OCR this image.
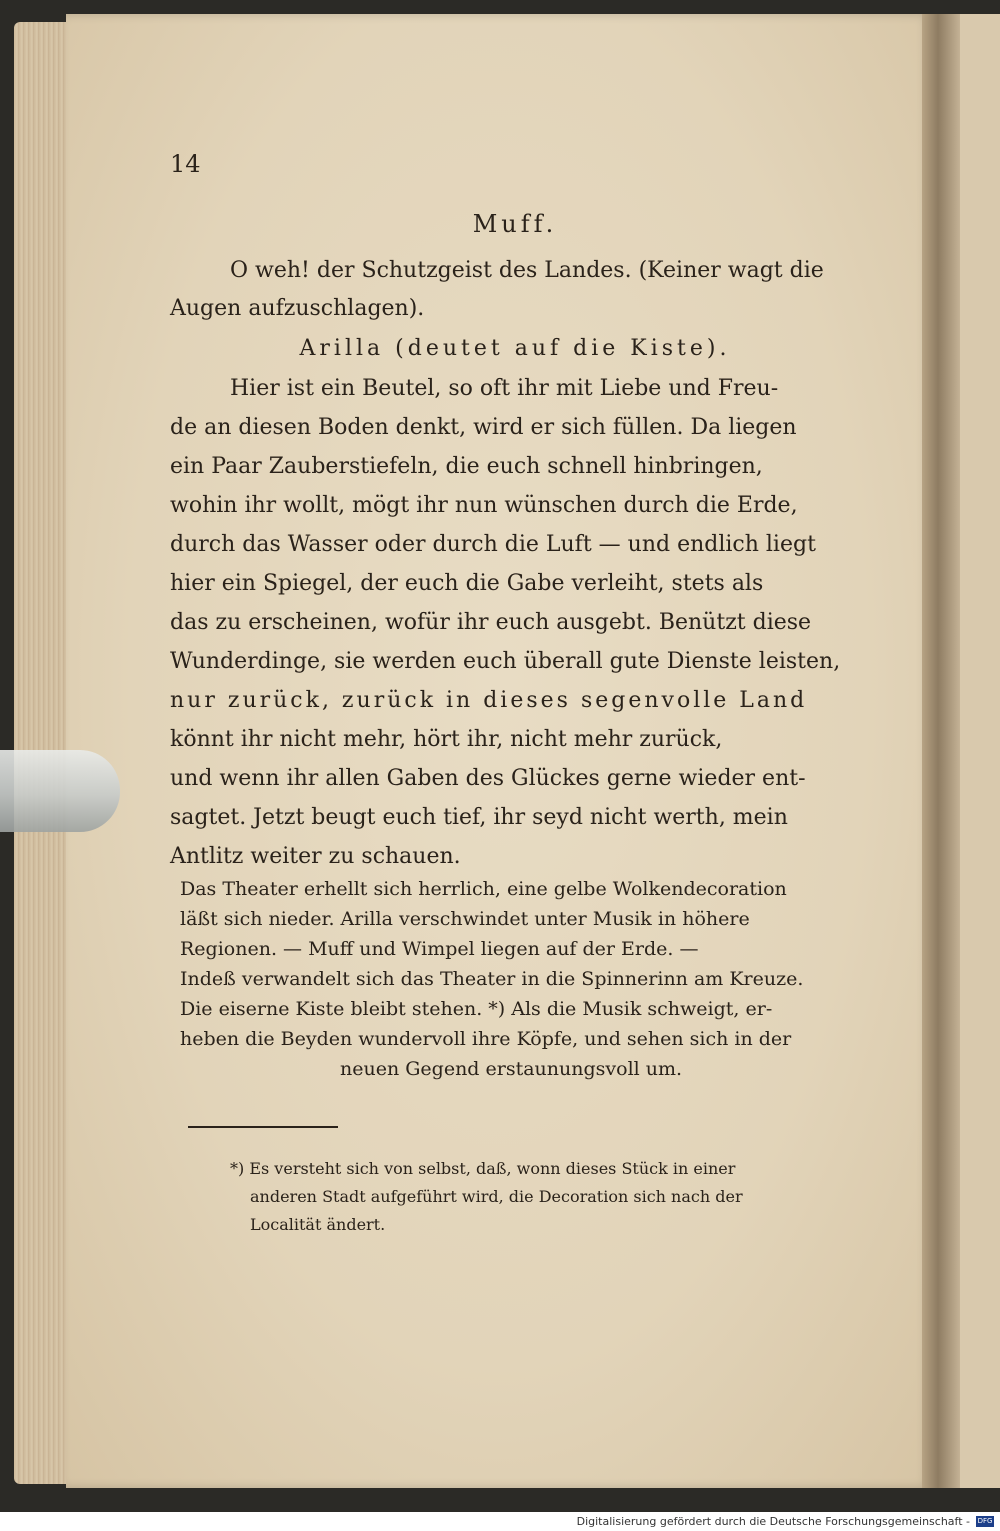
14
Muff.
O weh! der Schutzgeist des Landes. (Keiner wagt die
Augen aufzuschlagen).
Arilla (deutet auf die Kiste).
Hier ist ein Beutel, so oft ihr mit Liebe und Freu-
de an diesen Boden denkt, wird er sich füllen. Da liegen
ein Paar Zauberstiefeln, die euch schnell hinbringen,
wohin ihr wollt, mögt ihr nun wünschen durch die Erde,
durch das Wasser oder durch die Luft — und endlich liegt
hier ein Spiegel, der euch die Gabe verleiht, stets als
das zu erscheinen, wofür ihr euch ausgebt. Benützt diese
Wunderdinge, sie werden euch überall gute Dienste leisten,
nur zurück, zurück in dieses segenvolle Land
könnt ihr nicht mehr, hört ihr, nicht mehr zurück,
und wenn ihr allen Gaben des Glückes gerne wieder ent-
sagtet. Jetzt beugt euch tief, ihr seyd nicht werth, mein
Antlitz weiter zu schauen.
Das Theater erhellt sich herrlich, eine gelbe Wolkendecoration
läßt sich nieder. Arilla verschwindet unter Musik in höhere
Regionen. — Muff und Wimpel liegen auf der Erde. —
Indeß verwandelt sich das Theater in die Spinnerinn am Kreuze.
Die eiserne Kiste bleibt stehen. *) Als die Musik schweigt, er-
heben die Beyden wundervoll ihre Köpfe, und sehen sich in der
neuen Gegend erstaunungsvoll um.
*) Es versteht sich von selbst, daß, wonn dieses Stück in einer
anderen Stadt aufgeführt wird, die Decoration sich nach der
Localität ändert.
Digitalisierung gefördert durch die Deutsche Forschungsgemeinschaft - DFG
